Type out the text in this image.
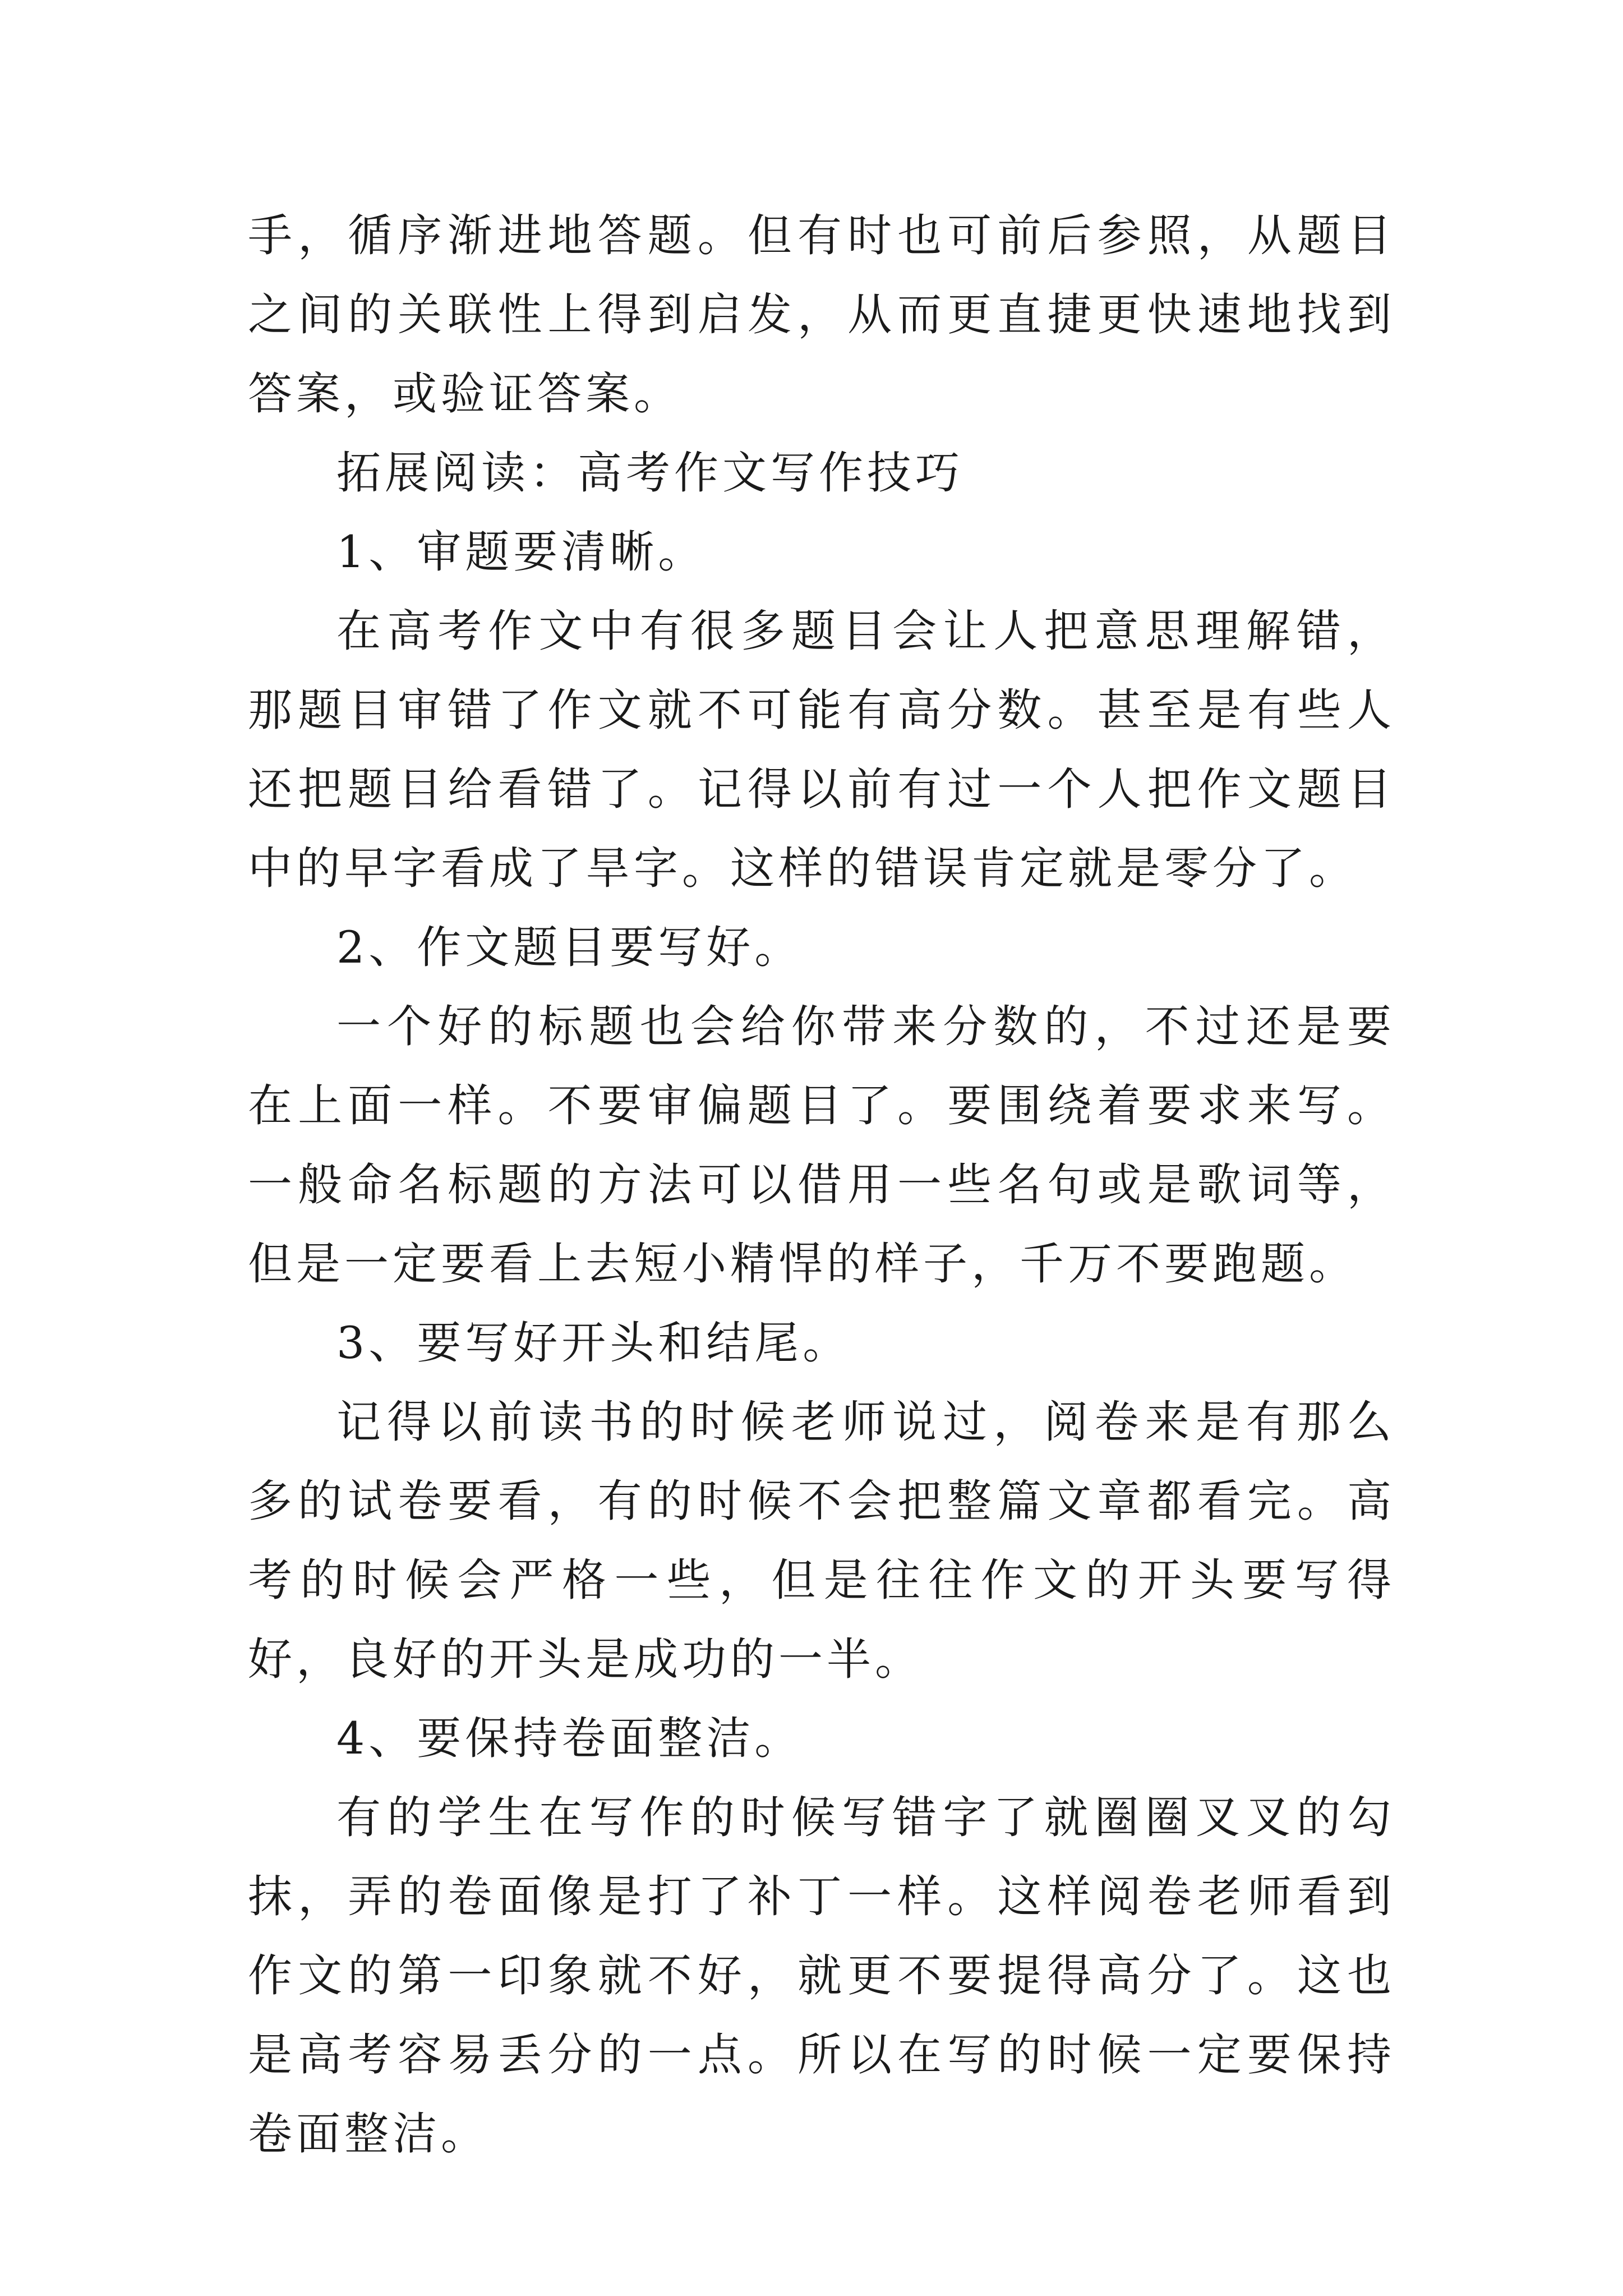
手，循序渐进地答题。但有时也可前后参照，从题目之间的关联性上得到启发，从而更直捷更快速地找到答案，或验证答案。

拓展阅读：高考作文写作技巧

1、审题要清晰。

在高考作文中有很多题目会让人把意思理解错，那题目审错了作文就不可能有高分数。甚至是有些人还把题目给看错了。记得以前有过一个人把作文题目中的早字看成了旱字。这样的错误肯定就是零分了。

2、作文题目要写好。

一个好的标题也会给你带来分数的，不过还是要在上面一样。不要审偏题目了。要围绕着要求来写。一般命名标题的方法可以借用一些名句或是歌词等，但是一定要看上去短小精悍的样子，千万不要跑题。

3、要写好开头和结尾。

记得以前读书的时候老师说过，阅卷来是有那么多的试卷要看，有的时候不会把整篇文章都看完。高考的时候会严格一些，但是往往作文的开头要写得好，良好的开头是成功的一半。

4、要保持卷面整洁。

有的学生在写作的时候写错字了就圈圈叉叉的勾抹，弄的卷面像是打了补丁一样。这样阅卷老师看到作文的第一印象就不好，就更不要提得高分了。这也是高考容易丢分的一点。所以在写的时候一定要保持卷面整洁。
